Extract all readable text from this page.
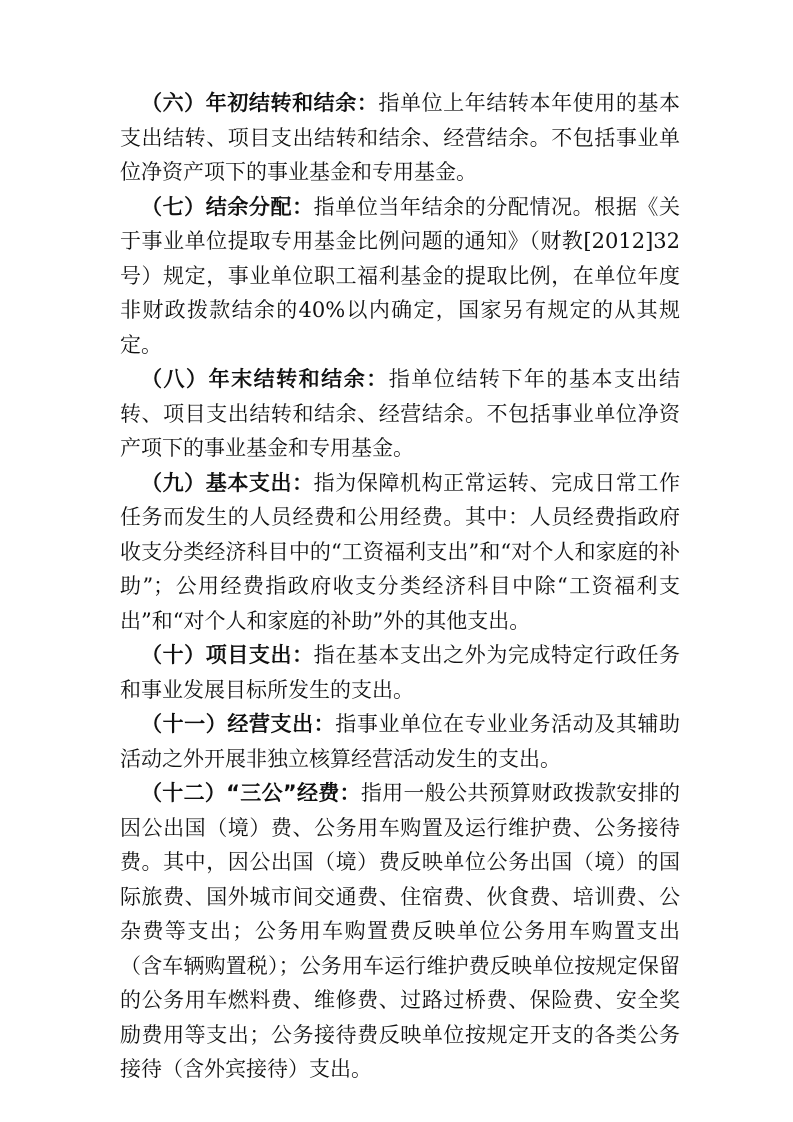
（六）年初结转和结余：指单位上年结转本年使用的基本支出结转、项目支出结转和结余、经营结余。不包括事业单位净资产项下的事业基金和专用基金。

（七）结余分配：指单位当年结余的分配情况。根据《关于事业单位提取专用基金比例问题的通知》（财教[2012]32号）规定，事业单位职工福利基金的提取比例，在单位年度非财政拨款结余的40%以内确定，国家另有规定的从其规定。

（八）年末结转和结余：指单位结转下年的基本支出结转、项目支出结转和结余、经营结余。不包括事业单位净资产项下的事业基金和专用基金。

（九）基本支出：指为保障机构正常运转、完成日常工作任务而发生的人员经费和公用经费。其中：人员经费指政府收支分类经济科目中的“工资福利支出”和“对个人和家庭的补助”；公用经费指政府收支分类经济科目中除“工资福利支出”和“对个人和家庭的补助”外的其他支出。

（十）项目支出：指在基本支出之外为完成特定行政任务和事业发展目标所发生的支出。

（十一）经营支出：指事业单位在专业业务活动及其辅助活动之外开展非独立核算经营活动发生的支出。

（十二）“三公”经费：指用一般公共预算财政拨款安排的因公出国（境）费、公务用车购置及运行维护费、公务接待费。其中，因公出国（境）费反映单位公务出国（境）的国际旅费、国外城市间交通费、住宿费、伙食费、培训费、公杂费等支出；公务用车购置费反映单位公务用车购置支出（含车辆购置税）；公务用车运行维护费反映单位按规定保留的公务用车燃料费、维修费、过路过桥费、保险费、安全奖励费用等支出；公务接待费反映单位按规定开支的各类公务接待（含外宾接待）支出。
